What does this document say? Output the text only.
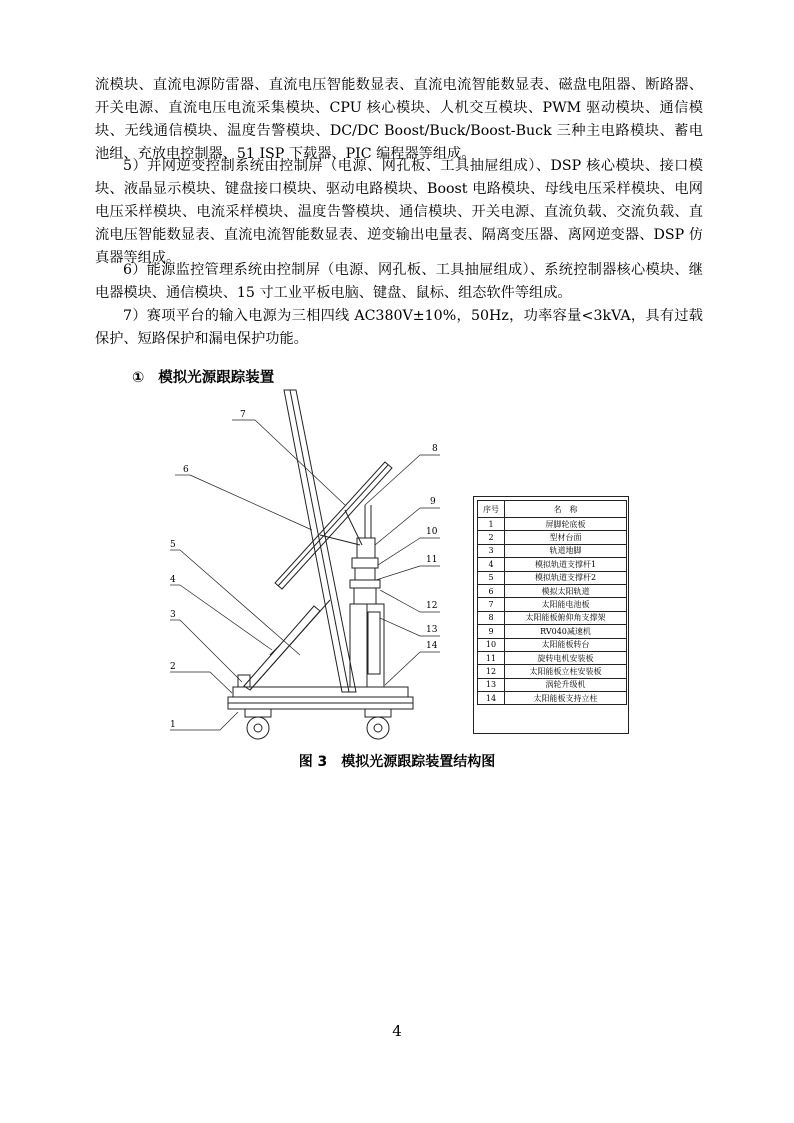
流模块、直流电源防雷器、直流电压智能数显表、直流电流智能数显表、磁盘电阻器、断路器、开关电源、直流电压电流采集模块、CPU 核心模块、人机交互模块、PWM 驱动模块、通信模块、无线通信模块、温度告警模块、DC/DC Boost/Buck/Boost-Buck 三种主电路模块、蓄电池组、充放电控制器、51 ISP 下载器、PIC 编程器等组成。

5）并网逆变控制系统由控制屏（电源、网孔板、工具抽屉组成）、DSP 核心模块、接口模块、液晶显示模块、键盘接口模块、驱动电路模块、Boost 电路模块、母线电压采样模块、电网电压采样模块、电流采样模块、温度告警模块、通信模块、开关电源、直流负载、交流负载、直流电压智能数显表、直流电流智能数显表、逆变输出电量表、隔离变压器、离网逆变器、DSP 仿真器等组成。

6）能源监控管理系统由控制屏（电源、网孔板、工具抽屉组成）、系统控制器核心模块、继电器模块、通信模块、15 寸工业平板电脑、键盘、鼠标、组态软件等组成。

7）赛项平台的输入电源为三相四线 AC380V±10%，50Hz，功率容量<3kVA，具有过载保护、短路保护和漏电保护功能。

① 模拟光源跟踪装置

1
2
3
4
5
6
7
8
9
10
11
12
13
14
序号	名　称
1	屏脚轮底板
2	型材台面
3	轨道地脚
4	模拟轨道支撑杆1
5	模拟轨道支撑杆2
6	模拟太阳轨道
7	太阳能电池板
8	太阳能板俯仰角支撑架
9	RV040减速机
10	太阳能板转台
11	旋转电机安装板
12	太阳能板立柱安装板
13	涡轮升级机
14	太阳能板支持立柱

图 3　模拟光源跟踪装置结构图

4
